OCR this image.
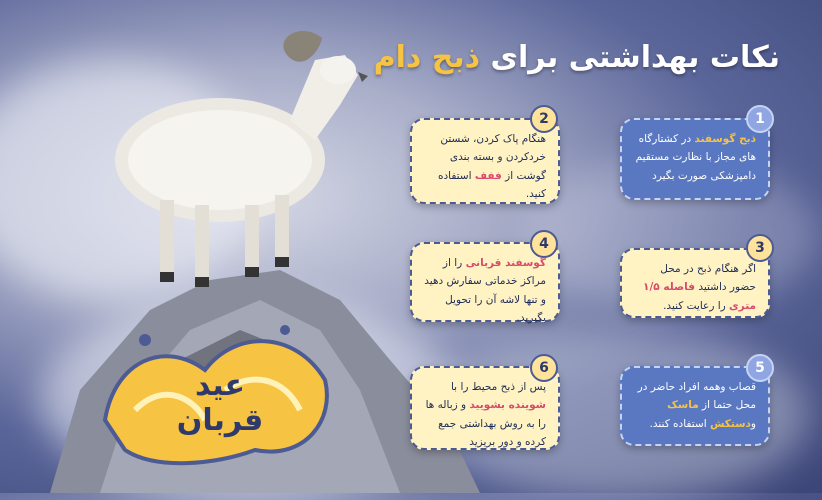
عید قربان
نکات بهداشتی برای ذبح دام
هنگام پاک کردن، شستن خردکردن و بسته بندی گوشت از ففف استفاده کنید.
2
ذبح گوسفند در کشتارگاه های مجاز با نظارت مستقیم دامپزشکی صورت بگیرد
1
گوسفند قربانی را از مراکز خدماتی سفارش دهید و تنها لاشه آن را تحویل بگیرید.
4
اگر هنگام ذبح در محل حضور داشتید فاصله ۱/۵ متری را رعایت کنید.
3
پس از ذبح محیط را با شوینده بشویید و زباله ها را به روش بهداشتی جمع کرده و دور بریزید
6
قصاب وهمه افراد حاضر در محل حتما از ماسک ودستکش استفاده کنند.
5
